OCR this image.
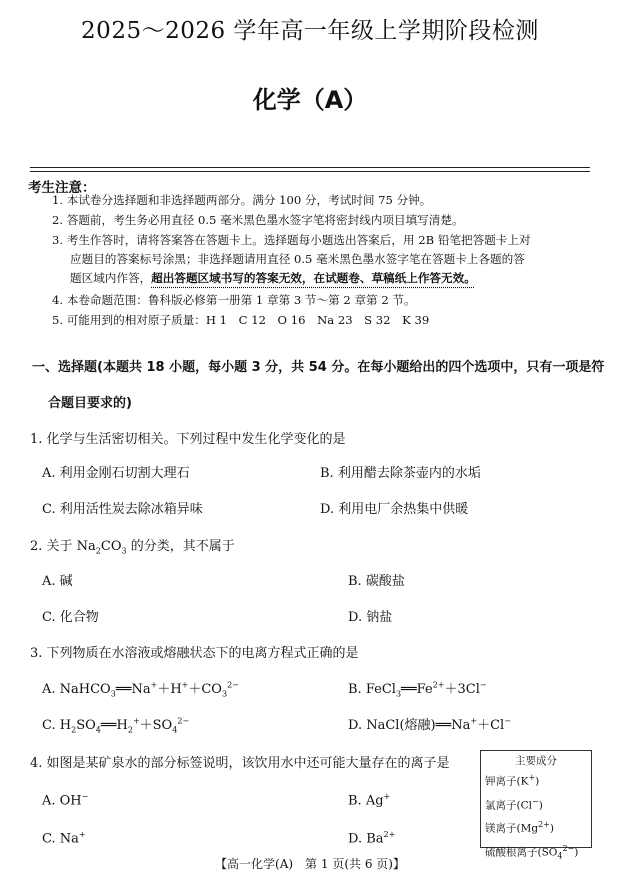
2025～2026 学年高一年级上学期阶段检测
化学（A）
考生注意：
1. 本试卷分选择题和非选择题两部分。满分 100 分，考试时间 75 分钟。
2. 答题前，考生务必用直径 0.5 毫米黑色墨水签字笔将密封线内项目填写清楚。
3. 考生作答时，请将答案答在答题卡上。选择题每小题选出答案后，用 2B 铅笔把答题卡上对
应题目的答案标号涂黑；非选择题请用直径 0.5 毫米黑色墨水签字笔在答题卡上各题的答
题区域内作答，超出答题区域书写的答案无效，在试题卷、草稿纸上作答无效。
4. 本卷命题范围：鲁科版必修第一册第 1 章第 3 节～第 2 章第 2 节。
5. 可能用到的相对原子质量：H 1　C 12　O 16　Na 23　S 32　K 39
一、选择题(本题共 18 小题，每小题 3 分，共 54 分。在每小题给出的四个选项中，只有一项是符
合题目要求的)
1. 化学与生活密切相关。下列过程中发生化学变化的是
A. 利用金刚石切割大理石	B. 利用醋去除茶壶内的水垢
C. 利用活性炭去除冰箱异味	D. 利用电厂余热集中供暖
2. 关于 $Na_2CO_3$ 的分类，其不属于
A. 碱	B. 碳酸盐
C. 化合物	D. 钠盐
3. 下列物质在水溶液或熔融状态下的电离方程式正确的是
A. $NaHCO_3══Na^++H^++CO_3^{2-}$	B. $FeCl_3══Fe^{2+}+3Cl^-$
C. $H_2SO_4══H_2^++SO_4^{2-}$	D. NaCl(熔融)══Na+＋Cl−
4. 如图是某矿泉水的部分标签说明，该饮用水中还可能大量存在的离子是
A. OH−	B. Ag+
C. Na+	D. $Ba^{2+}$
主要成分
钾离子(K+)
氯离子(Cl−)
镁离子$(Mg^{2+})$
硫酸根离子$(SO_4^{2-})$
【高一化学(A)　第 1 页(共 6 页)】
